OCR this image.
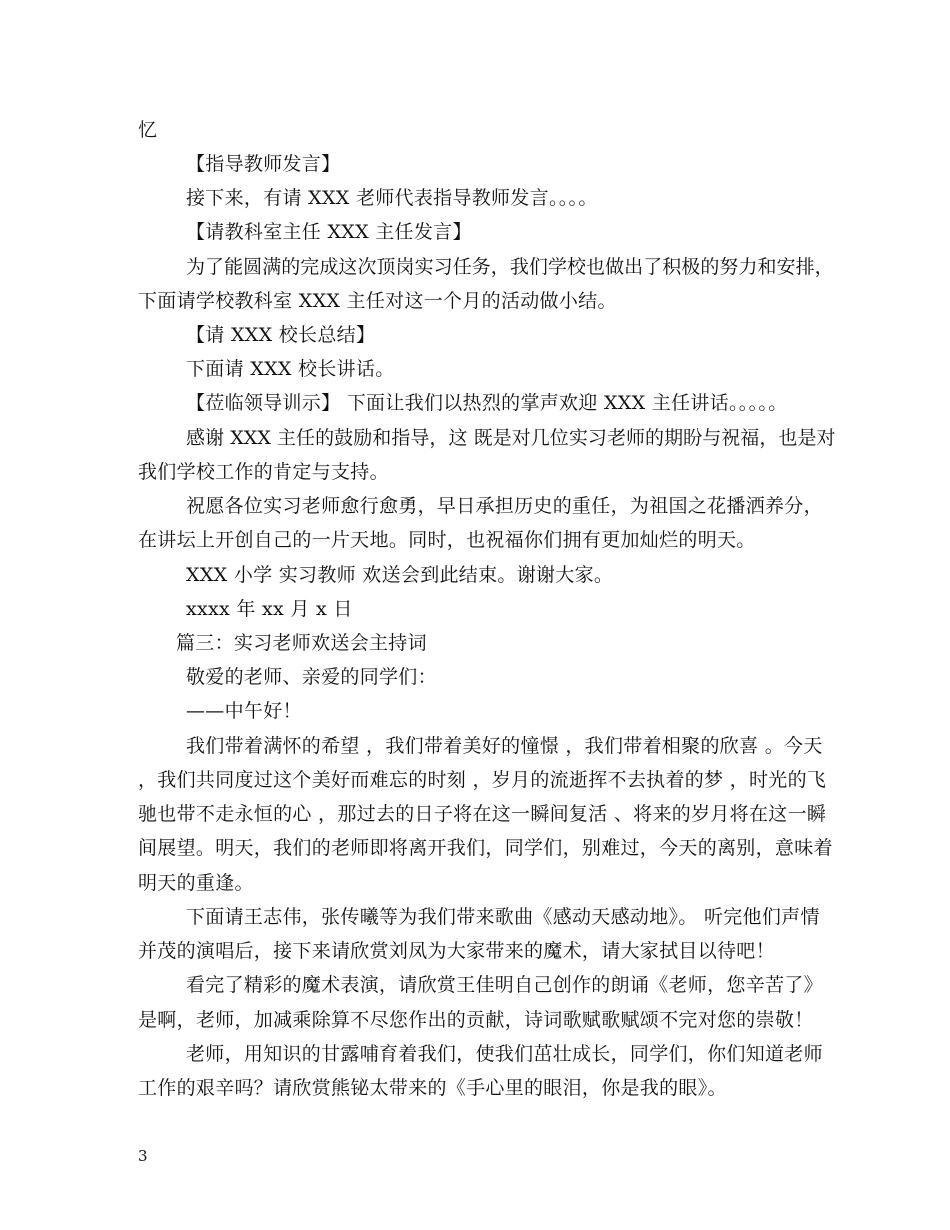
忆
【指导教师发言】
接下来，有请 XXX 老师代表指导教师发言。。。。
【请教科室主任 XXX 主任发言】
为了能圆满的完成这次顶岗实习任务，我们学校也做出了积极的努力和安排，
下面请学校教科室 XXX 主任对这一个月的活动做小结。
【请 XXX 校长总结】
下面请 XXX 校长讲话。
【莅临领导训示】 下面让我们以热烈的掌声欢迎 XXX 主任讲话。。。。。
感谢 XXX 主任的鼓励和指导，这 既是对几位实习老师的期盼与祝福，也是对
我们学校工作的肯定与支持。
祝愿各位实习老师愈行愈勇，早日承担历史的重任，为祖国之花播洒养分，
在讲坛上开创自己的一片天地。同时，也祝福你们拥有更加灿烂的明天。
XXX 小学 实习教师 欢送会到此结束。谢谢大家。
xxxx 年 xx 月 x 日
篇三：实习老师欢送会主持词
敬爱的老师、亲爱的同学们：
——中午好！
我们带着满怀的希望 ，我们带着美好的憧憬 ，我们带着相聚的欣喜 。今天
，我们共同度过这个美好而难忘的时刻 ，岁月的流逝挥不去执着的梦 ，时光的飞
驰也带不走永恒的心 ，那过去的日子将在这一瞬间复活 、将来的岁月将在这一瞬
间展望。明天，我们的老师即将离开我们，同学们，别难过，今天的离别，意味着
明天的重逢。
下面请王志伟，张传曦等为我们带来歌曲《感动天感动地》。 听完他们声情
并茂的演唱后，接下来请欣赏刘凤为大家带来的魔术，请大家拭目以待吧！
看完了精彩的魔术表演，请欣赏王佳明自己创作的朗诵《老师，您辛苦了》
是啊，老师，加减乘除算不尽您作出的贡献，诗词歌赋歌赋颂不完对您的崇敬！
老师，用知识的甘露哺育着我们，使我们茁壮成长，同学们，你们知道老师
工作的艰辛吗？请欣赏熊铋太带来的《手心里的眼泪，你是我的眼》。
3
